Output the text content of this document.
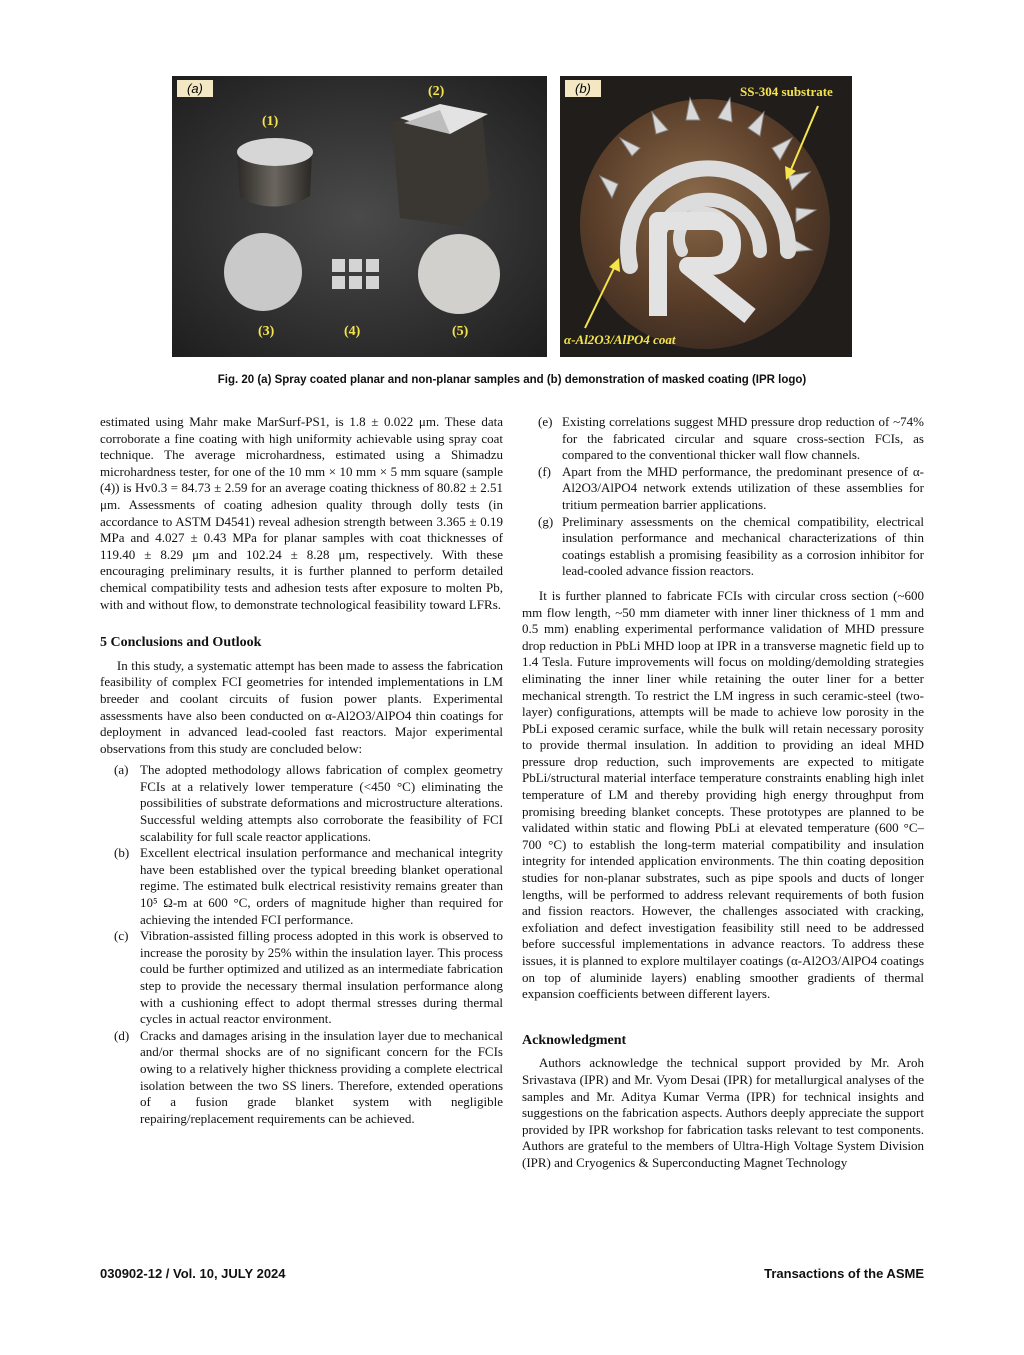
(a)
(1)
(2)
(3)	(4)	(5)
(b)	SS-304 substrate
α-Al2O3/AlPO4 coat
Fig. 20 (a) Spray coated planar and non-planar samples and (b) demonstration of masked coating (IPR logo)

estimated using Mahr make MarSurf-PS1, is 1.8 ± 0.022 μm. These data corroborate a fine coating with high uniformity achievable using spray coat technique. The average microhardness, estimated using a Shimadzu microhardness tester, for one of the 10 mm × 10 mm × 5 mm square (sample (4)) is Hv0.3 = 84.73 ± 2.59 for an average coating thickness of 80.82 ± 2.51 μm. Assessments of coating adhesion quality through dolly tests (in accordance to ASTM D4541) reveal adhesion strength between 3.365 ± 0.19 MPa and 4.027 ± 0.43 MPa for planar samples with coat thicknesses of 119.40 ± 8.29 μm and 102.24 ± 8.28 μm, respectively. With these encouraging preliminary results, it is further planned to perform detailed chemical compatibility tests and adhesion tests after exposure to molten Pb, with and without flow, to demonstrate technological feasibility toward LFRs.

5 Conclusions and Outlook

In this study, a systematic attempt has been made to assess the fabrication feasibility of complex FCI geometries for intended implementations in LM breeder and coolant circuits of fusion power plants. Experimental assessments have also been conducted on α-Al2O3/AlPO4 thin coatings for deployment in advanced lead-cooled fast reactors. Major experimental observations from this study are concluded below:

(a) The adopted methodology allows fabrication of complex geometry FCIs at a relatively lower temperature (<450 °C) eliminating the possibilities of substrate deformations and microstructure alterations. Successful welding attempts also corroborate the feasibility of FCI scalability for full scale reactor applications.
(b) Excellent electrical insulation performance and mechanical integrity have been established over the typical breeding blanket operational regime. The estimated bulk electrical resistivity remains greater than 10⁵ Ω-m at 600 °C, orders of magnitude higher than required for achieving the intended FCI performance.
(c) Vibration-assisted filling process adopted in this work is observed to increase the porosity by 25% within the insulation layer. This process could be further optimized and utilized as an intermediate fabrication step to provide the necessary thermal insulation performance along with a cushioning effect to adopt thermal stresses during thermal cycles in actual reactor environment.
(d) Cracks and damages arising in the insulation layer due to mechanical and/or thermal shocks are of no significant concern for the FCIs owing to a relatively higher thickness providing a complete electrical isolation between the two SS liners. Therefore, extended operations of a fusion grade blanket system with negligible repairing/replacement requirements can be achieved.
(e) Existing correlations suggest MHD pressure drop reduction of ~74% for the fabricated circular and square cross-section FCIs, as compared to the conventional thicker wall flow channels.
(f) Apart from the MHD performance, the predominant presence of α-Al2O3/AlPO4 network extends utilization of these assemblies for tritium permeation barrier applications.
(g) Preliminary assessments on the chemical compatibility, electrical insulation performance and mechanical characterizations of thin coatings establish a promising feasibility as a corrosion inhibitor for lead-cooled advance fission reactors.

It is further planned to fabricate FCIs with circular cross section (~600 mm flow length, ~50 mm diameter with inner liner thickness of 1 mm and 0.5 mm) enabling experimental performance validation of MHD pressure drop reduction in PbLi MHD loop at IPR in a transverse magnetic field up to 1.4 Tesla. Future improvements will focus on molding/demolding strategies eliminating the inner liner while retaining the outer liner for a better mechanical strength. To restrict the LM ingress in such ceramic-steel (two-layer) configurations, attempts will be made to achieve low porosity in the PbLi exposed ceramic surface, while the bulk will retain necessary porosity to provide thermal insulation. In addition to providing an ideal MHD pressure drop reduction, such improvements are expected to mitigate PbLi/structural material interface temperature constraints enabling high inlet temperature of LM and thereby providing high energy throughput from promising breeding blanket concepts. These prototypes are planned to be validated within static and flowing PbLi at elevated temperature (600 °C–700 °C) to establish the long-term material compatibility and insulation integrity for intended application environments. The thin coating deposition studies for non-planar substrates, such as pipe spools and ducts of longer lengths, will be performed to address relevant requirements of both fusion and fission reactors. However, the challenges associated with cracking, exfoliation and defect investigation feasibility still need to be addressed before successful implementations in advance reactors. To address these issues, it is planned to explore multilayer coatings (α-Al2O3/AlPO4 coatings on top of aluminide layers) enabling smoother gradients of thermal expansion coefficients between different layers.

Acknowledgment

Authors acknowledge the technical support provided by Mr. Aroh Srivastava (IPR) and Mr. Vyom Desai (IPR) for metallurgical analyses of the samples and Mr. Aditya Kumar Verma (IPR) for technical insights and suggestions on the fabrication aspects. Authors deeply appreciate the support provided by IPR workshop for fabrication tasks relevant to test components. Authors are grateful to the members of Ultra-High Voltage System Division (IPR) and Cryogenics & Superconducting Magnet Technology

030902-12 / Vol. 10, JULY 2024	Transactions of the ASME
